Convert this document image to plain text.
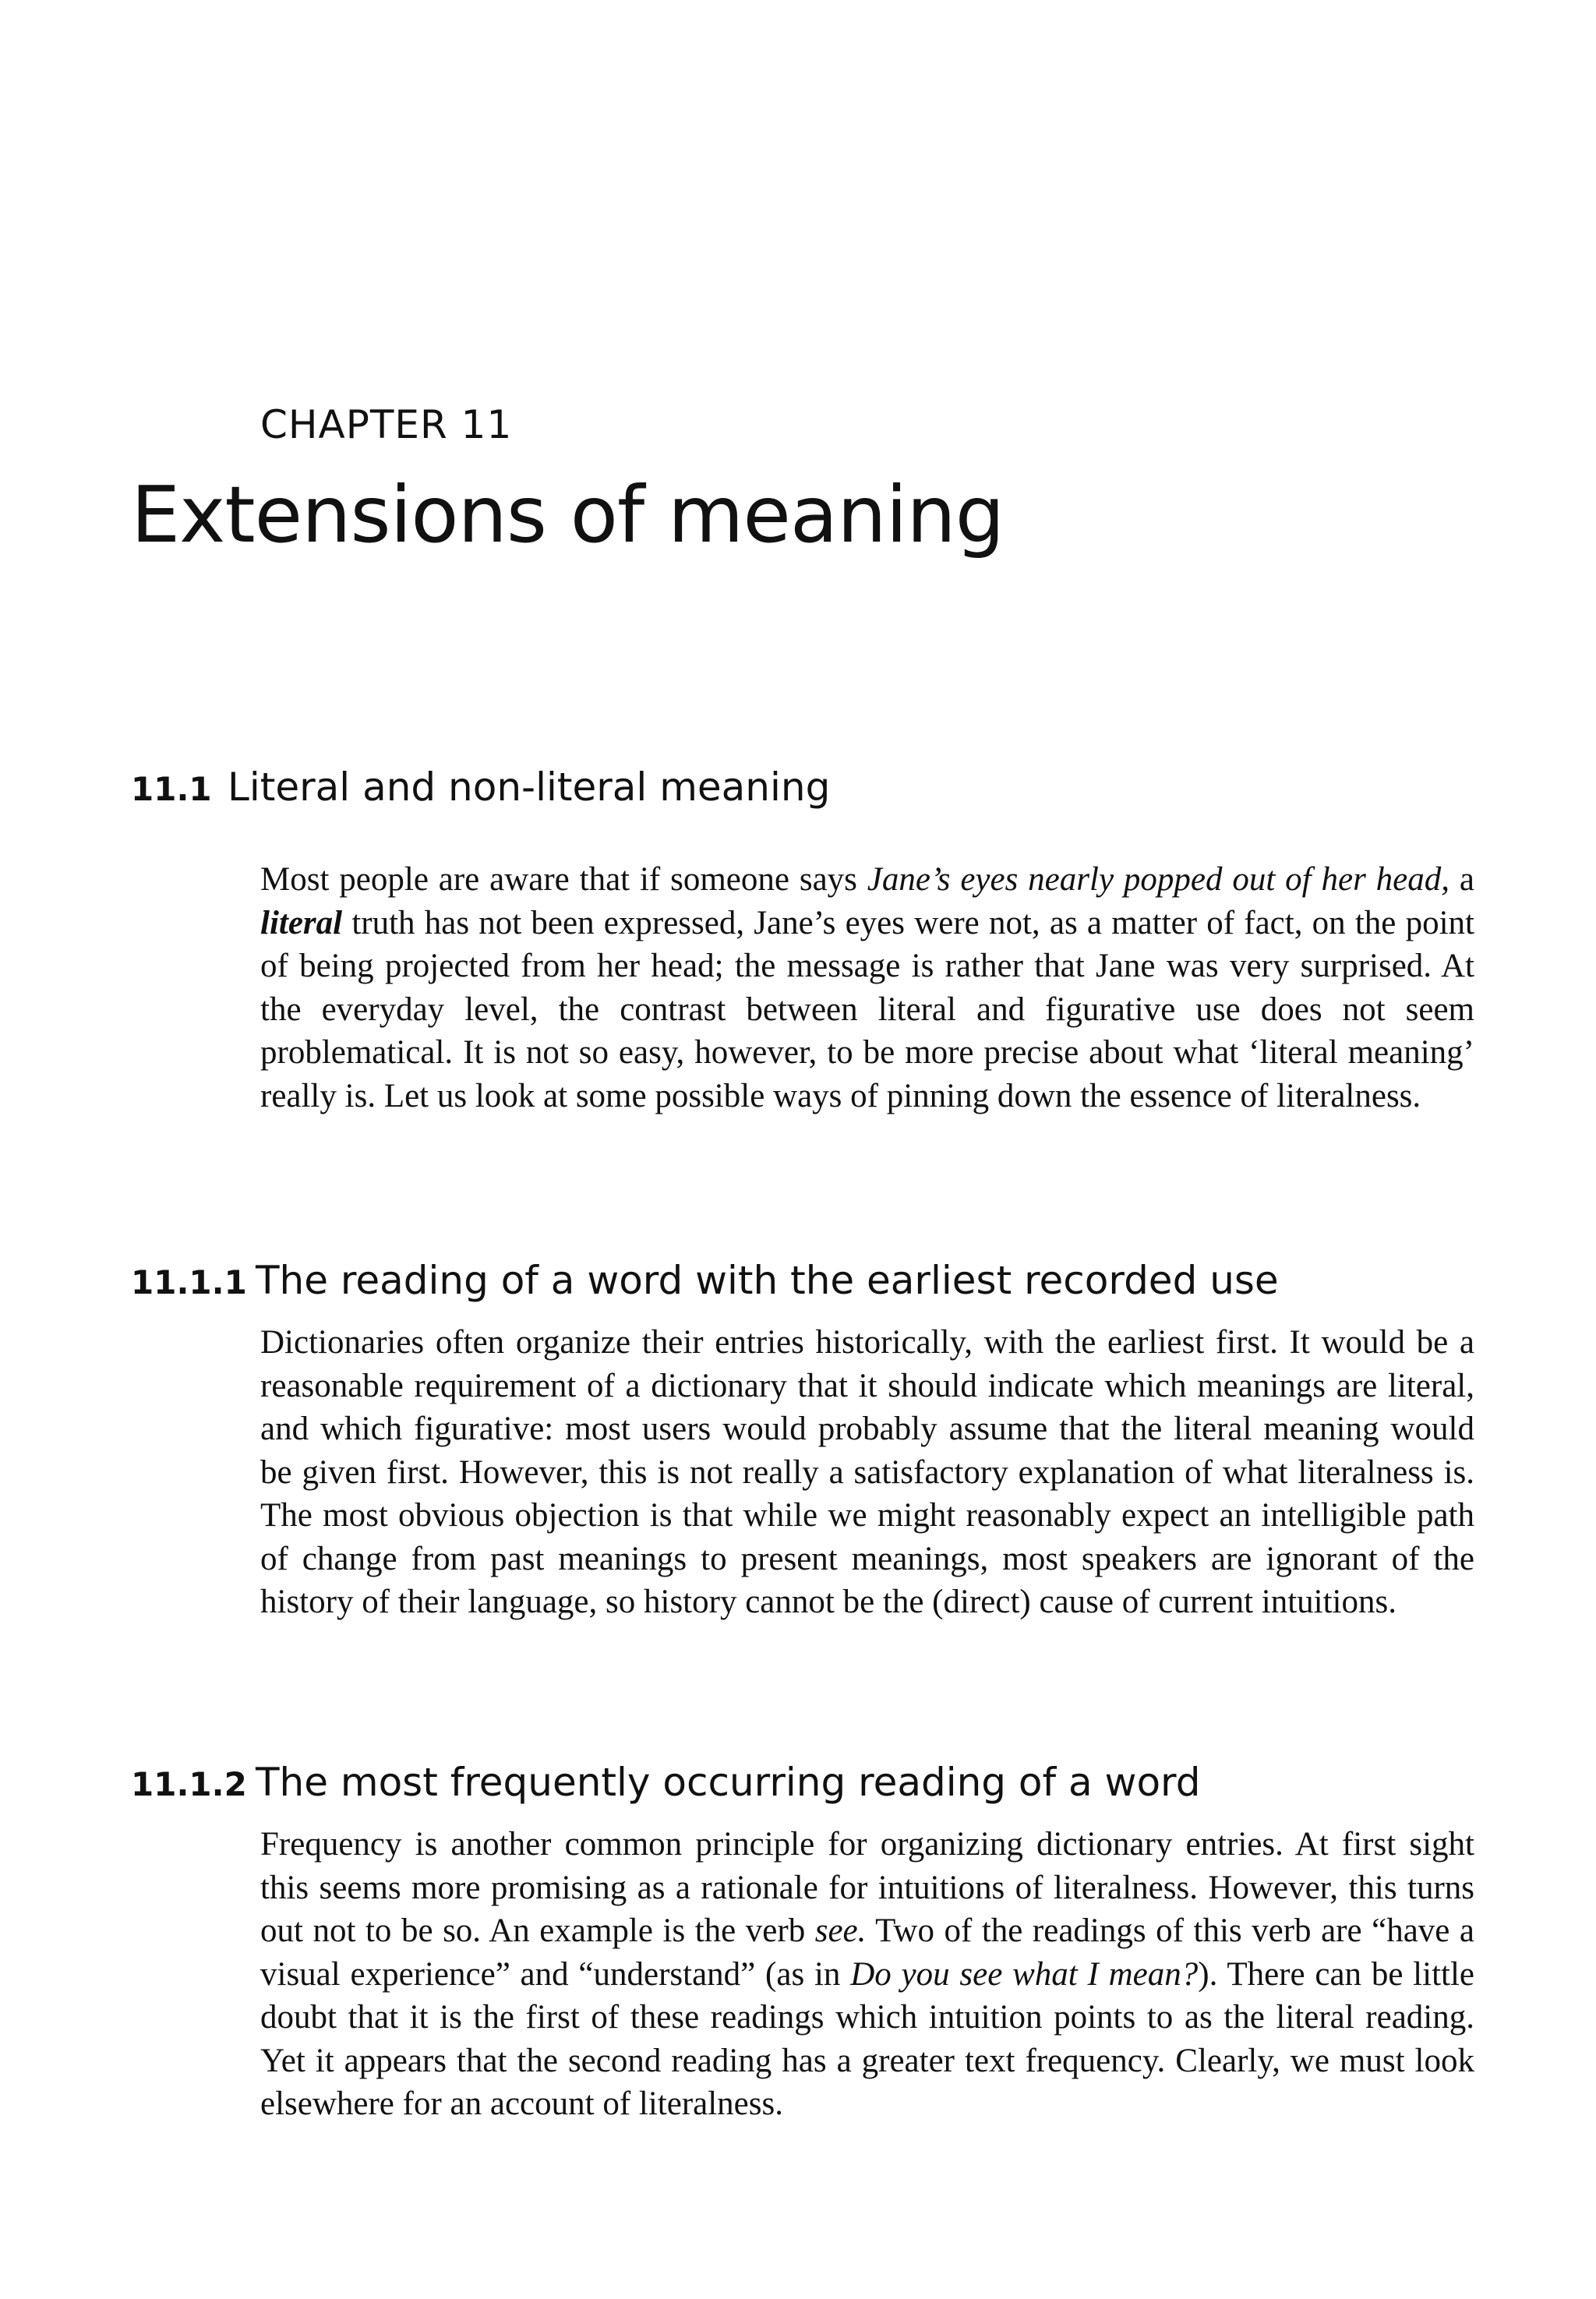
CHAPTER 11
Extensions of meaning
11.1 Literal and non-literal meaning

Most people are aware that if someone says Jane’s eyes nearly popped out of her head, a literal truth has not been expressed, Jane’s eyes were not, as a matter of fact, on the point of being projected from her head; the message is rather that Jane was very surprised. At the everyday level, the contrast between literal and figurative use does not seem problematical. It is not so easy, however, to be more precise about what ‘literal meaning’ really is. Let us look at some possible ways of pinning down the essence of literalness.

11.1.1 The reading of a word with the earliest recorded use

Dictionaries often organize their entries historically, with the earliest first. It would be a reasonable requirement of a dictionary that it should indicate which meanings are literal, and which figurative: most users would probably assume that the literal meaning would be given first. However, this is not really a satisfactory explanation of what literalness is. The most obvious objection is that while we might reasonably expect an intelligible path of change from past meanings to present meanings, most speakers are ignorant of the history of their language, so history cannot be the (direct) cause of current intuitions.

11.1.2 The most frequently occurring reading of a word

Frequency is another common principle for organizing dictionary entries. At first sight this seems more promising as a rationale for intuitions of literalness. However, this turns out not to be so. An example is the verb see. Two of the readings of this verb are “have a visual experience” and “understand” (as in Do you see what I mean?). There can be little doubt that it is the first of these readings which intuition points to as the literal reading. Yet it appears that the second reading has a greater text frequency. Clearly, we must look elsewhere for an account of literalness.
